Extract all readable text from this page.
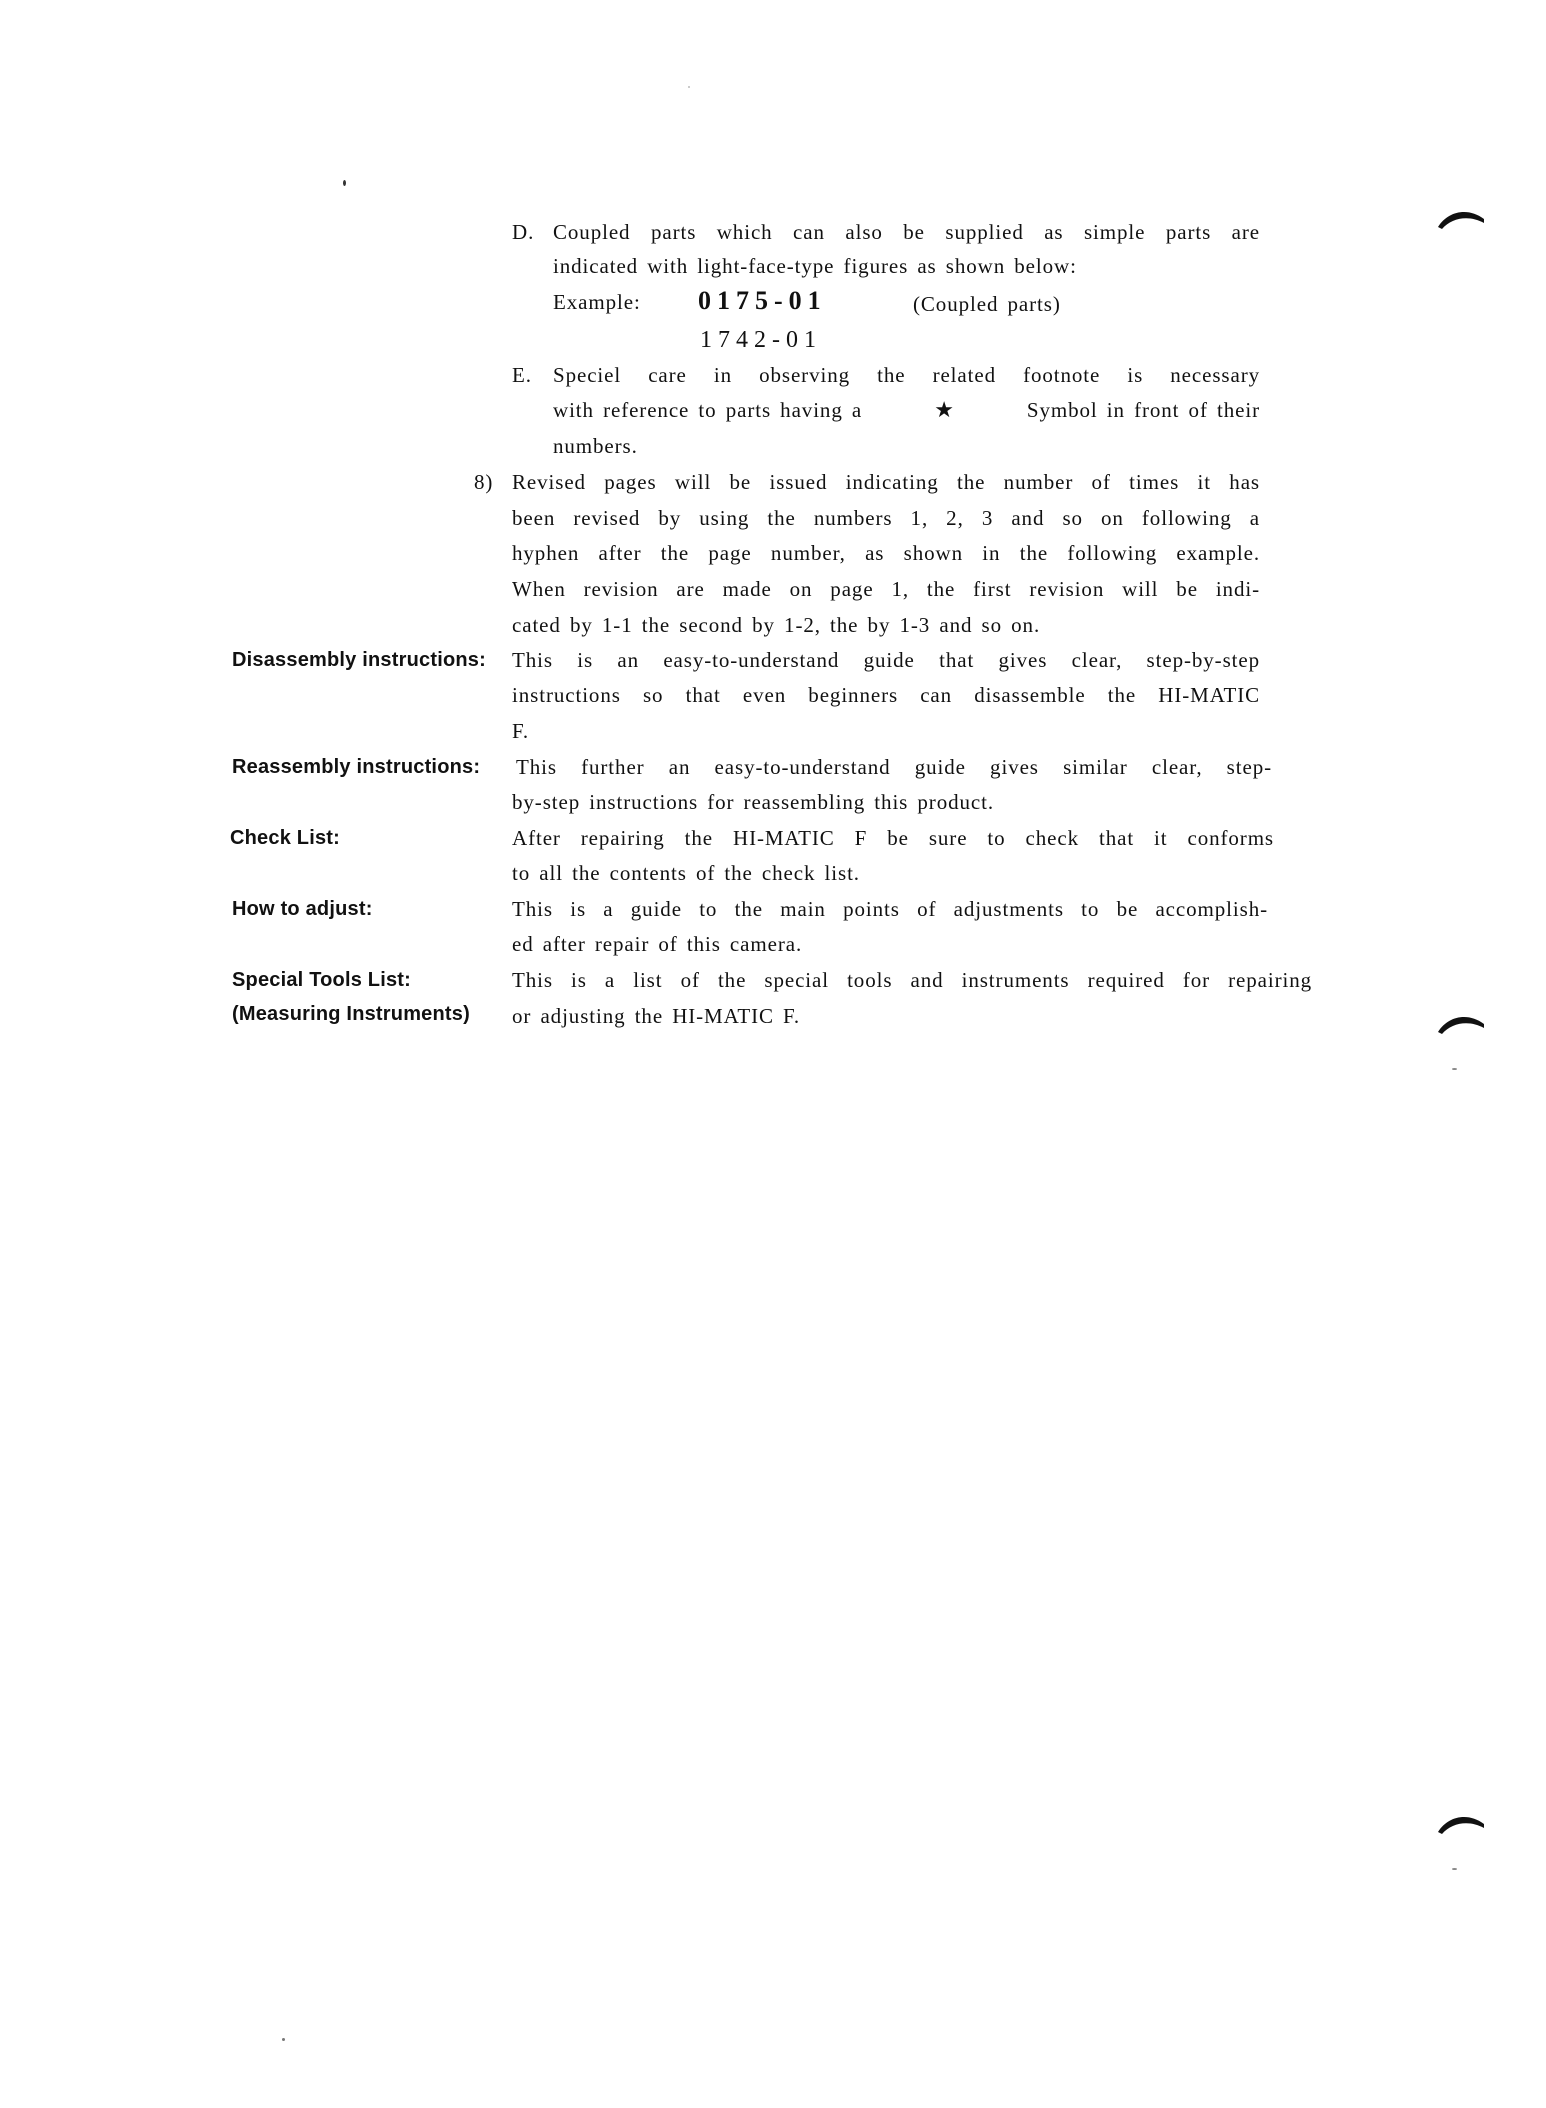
D. Coupled parts which can also be supplied as simple parts are
indicated with light-face-type figures as shown below:
Example: 0175-01	(Coupled parts)
1742-01
E. Speciel care in observing the related footnote is necessary
with reference to parts having a	★	Symbol in front of their
numbers.
8) Revised pages will be issued indicating the number of times it has
been revised by using the numbers 1, 2, 3 and so on following a
hyphen after the page number, as shown in the following example.
When revision are made on page 1, the first revision will be indi-
cated by 1-1 the second by 1-2, the by 1-3 and so on.
Disassembly instructions: This is an easy-to-understand guide that gives clear, step-by-step
instructions so that even beginners can disassemble the HI-MATIC
F.
Reassembly instructions: This further an easy-to-understand guide gives similar clear, step-
by-step instructions for reassembling this product.
Check List:	After repairing the HI-MATIC F be sure to check that it conforms
to all the contents of the check list.
How to adjust:	This is a guide to the main points of adjustments to be accomplish-
ed after repair of this camera.
Special Tools List:
(Measuring Instruments)
This is a list of the special tools and instruments required for repairing
or adjusting the HI-MATIC F.
